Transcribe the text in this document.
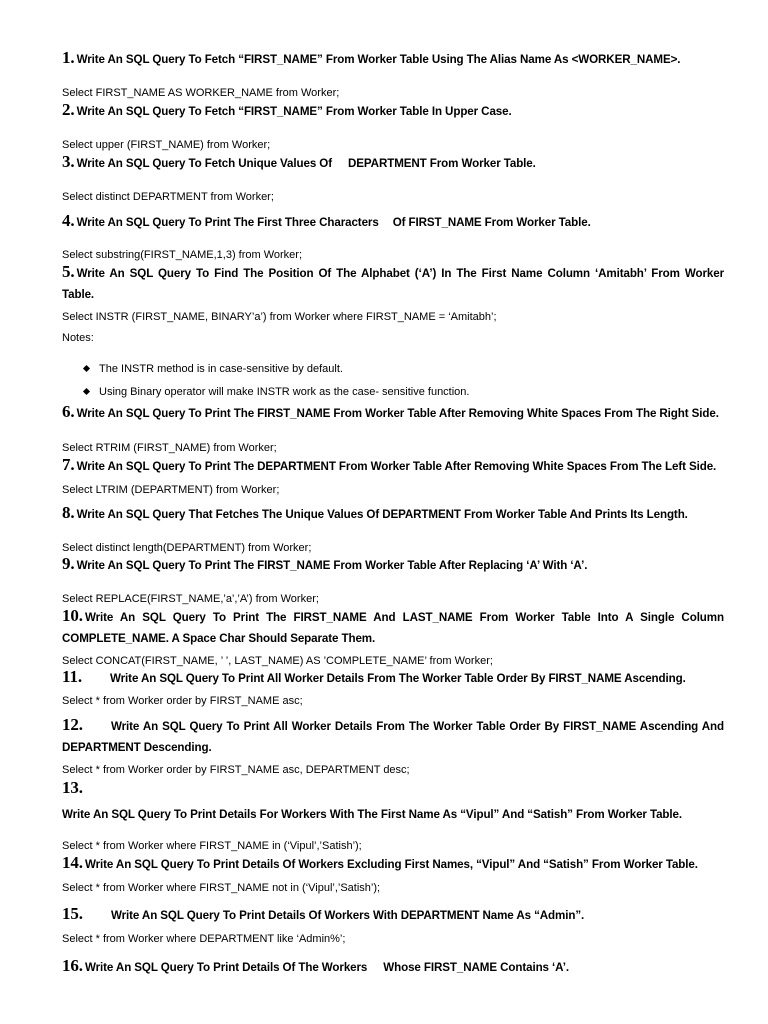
1. Write An SQL Query To Fetch “FIRST_NAME” From Worker Table Using The Alias Name As <WORKER_NAME>.
Select FIRST_NAME AS WORKER_NAME from Worker;
2. Write An SQL Query To Fetch “FIRST_NAME” From Worker Table In Upper Case.
Select upper (FIRST_NAME) from Worker;
3. Write An SQL Query To Fetch Unique Values Of DEPARTMENT From Worker Table.
Select distinct DEPARTMENT from Worker;
4. Write An SQL Query To Print The First Three Characters Of FIRST_NAME From Worker Table.
Select substring(FIRST_NAME,1,3) from Worker;
5. Write An SQL Query To Find The Position Of The Alphabet (‘A’) In The First Name Column ‘Amitabh’ From Worker
Table.
Select INSTR (FIRST_NAME, BINARY’a’) from Worker where FIRST_NAME = ‘Amitabh’;
Notes:
The INSTR method is in case-sensitive by default.
Using Binary operator will make INSTR work as the case- sensitive function.
6. Write An SQL Query To Print The FIRST_NAME From Worker Table After Removing White Spaces From The Right Side.
Select RTRIM (FIRST_NAME) from Worker;
7. Write An SQL Query To Print The DEPARTMENT From Worker Table After Removing White Spaces From The Left Side.
Select LTRIM (DEPARTMENT) from Worker;
8. Write An SQL Query That Fetches The Unique Values Of DEPARTMENT From Worker Table And Prints Its Length.
Select distinct length(DEPARTMENT) from Worker;
9. Write An SQL Query To Print The FIRST_NAME From Worker Table After Replacing ‘A’ With ‘A’.
Select REPLACE(FIRST_NAME,’a’,’A’) from Worker;
10. Write An SQL Query To Print The FIRST_NAME And LAST_NAME From Worker Table Into A Single Column
COMPLETE_NAME. A Space Char Should Separate Them.
Select CONCAT(FIRST_NAME, ’ ’, LAST_NAME) AS ’COMPLETE_NAME’ from Worker;
11. Write An SQL Query To Print All Worker Details From The Worker Table Order By FIRST_NAME Ascending.
Select * from Worker order by FIRST_NAME asc;
12. Write An SQL Query To Print All Worker Details From The Worker Table Order By FIRST_NAME Ascending And
DEPARTMENT Descending.
Select * from Worker order by FIRST_NAME asc, DEPARTMENT desc;
13.
Write An SQL Query To Print Details For Workers With The First Name As “Vipul” And “Satish” From Worker Table.
Select * from Worker where FIRST_NAME in (‘Vipul’,’Satish’);
14. Write An SQL Query To Print Details Of Workers Excluding First Names, “Vipul” And “Satish” From Worker Table.
Select * from Worker where FIRST_NAME not in (‘Vipul’,’Satish’);
15. Write An SQL Query To Print Details Of Workers With DEPARTMENT Name As “Admin”.
Select * from Worker where DEPARTMENT like ‘Admin%’;
16. Write An SQL Query To Print Details Of The Workers Whose FIRST_NAME Contains ‘A’.
